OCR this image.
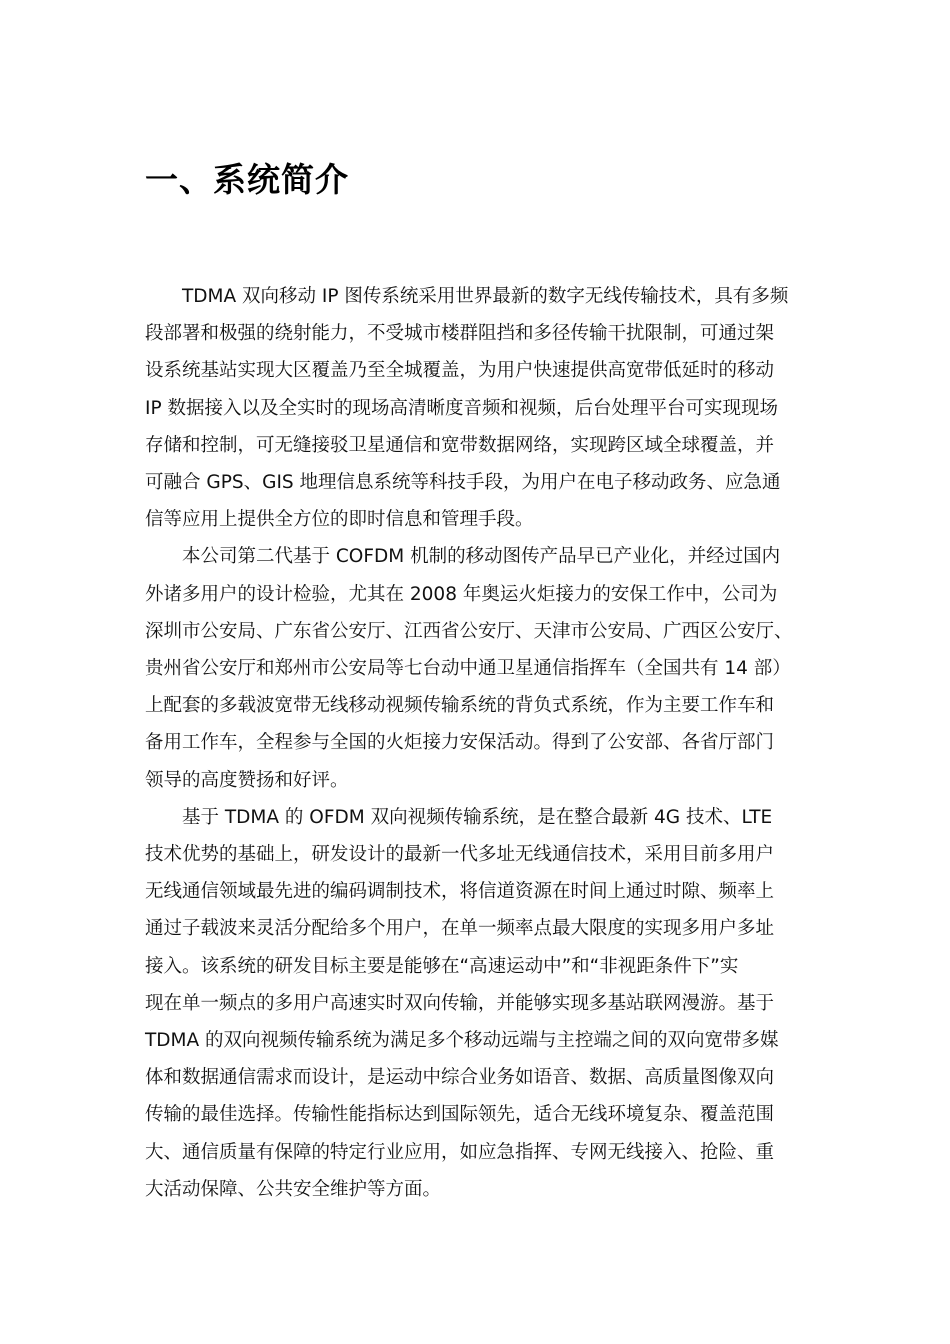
一、系统简介
TDMA 双向移动 IP 图传系统采用世界最新的数字无线传输技术，具有多频
段部署和极强的绕射能力，不受城市楼群阻挡和多径传输干扰限制，可通过架
设系统基站实现大区覆盖乃至全城覆盖，为用户快速提供高宽带低延时的移动
IP 数据接入以及全实时的现场高清晰度音频和视频，后台处理平台可实现现场
存储和控制，可无缝接驳卫星通信和宽带数据网络，实现跨区域全球覆盖，并
可融合 GPS、GIS 地理信息系统等科技手段，为用户在电子移动政务、应急通
信等应用上提供全方位的即时信息和管理手段。
本公司第二代基于 COFDM 机制的移动图传产品早已产业化，并经过国内
外诸多用户的设计检验，尤其在 2008 年奥运火炬接力的安保工作中，公司为
深圳市公安局、广东省公安厅、江西省公安厅、天津市公安局、广西区公安厅、
贵州省公安厅和郑州市公安局等七台动中通卫星通信指挥车（全国共有 14 部）
上配套的多载波宽带无线移动视频传输系统的背负式系统，作为主要工作车和
备用工作车，全程参与全国的火炬接力安保活动。得到了公安部、各省厅部门
领导的高度赞扬和好评。
基于 TDMA 的 OFDM 双向视频传输系统，是在整合最新 4G 技术、LTE
技术优势的基础上，研发设计的最新一代多址无线通信技术，采用目前多用户
无线通信领域最先进的编码调制技术，将信道资源在时间上通过时隙、频率上
通过子载波来灵活分配给多个用户，在单一频率点最大限度的实现多用户多址
接入。该系统的研发目标主要是能够在“高速运动中”和“非视距条件下”实
现在单一频点的多用户高速实时双向传输，并能够实现多基站联网漫游。基于
TDMA 的双向视频传输系统为满足多个移动远端与主控端之间的双向宽带多媒
体和数据通信需求而设计，是运动中综合业务如语音、数据、高质量图像双向
传输的最佳选择。传输性能指标达到国际领先，适合无线环境复杂、覆盖范围
大、通信质量有保障的特定行业应用，如应急指挥、专网无线接入、抢险、重
大活动保障、公共安全维护等方面。
